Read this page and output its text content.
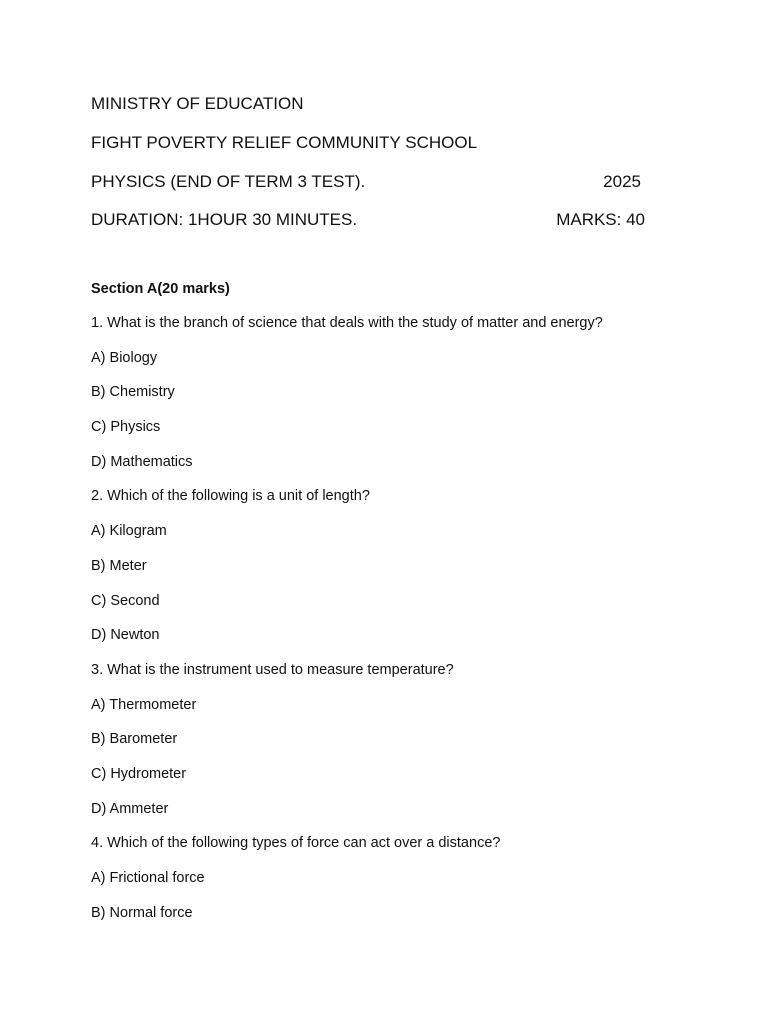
MINISTRY OF EDUCATION
FIGHT POVERTY RELIEF COMMUNITY SCHOOL
PHYSICS (END OF TERM 3 TEST).	2025
DURATION: 1HOUR 30 MINUTES.	MARKS: 40
Section A(20 marks)
1. What is the branch of science that deals with the study of matter and energy?
A) Biology
B) Chemistry
C) Physics
D) Mathematics
2. Which of the following is a unit of length?
A) Kilogram
B) Meter
C) Second
D) Newton
3. What is the instrument used to measure temperature?
A) Thermometer
B) Barometer
C) Hydrometer
D) Ammeter
4. Which of the following types of force can act over a distance?
A) Frictional force
B) Normal force
